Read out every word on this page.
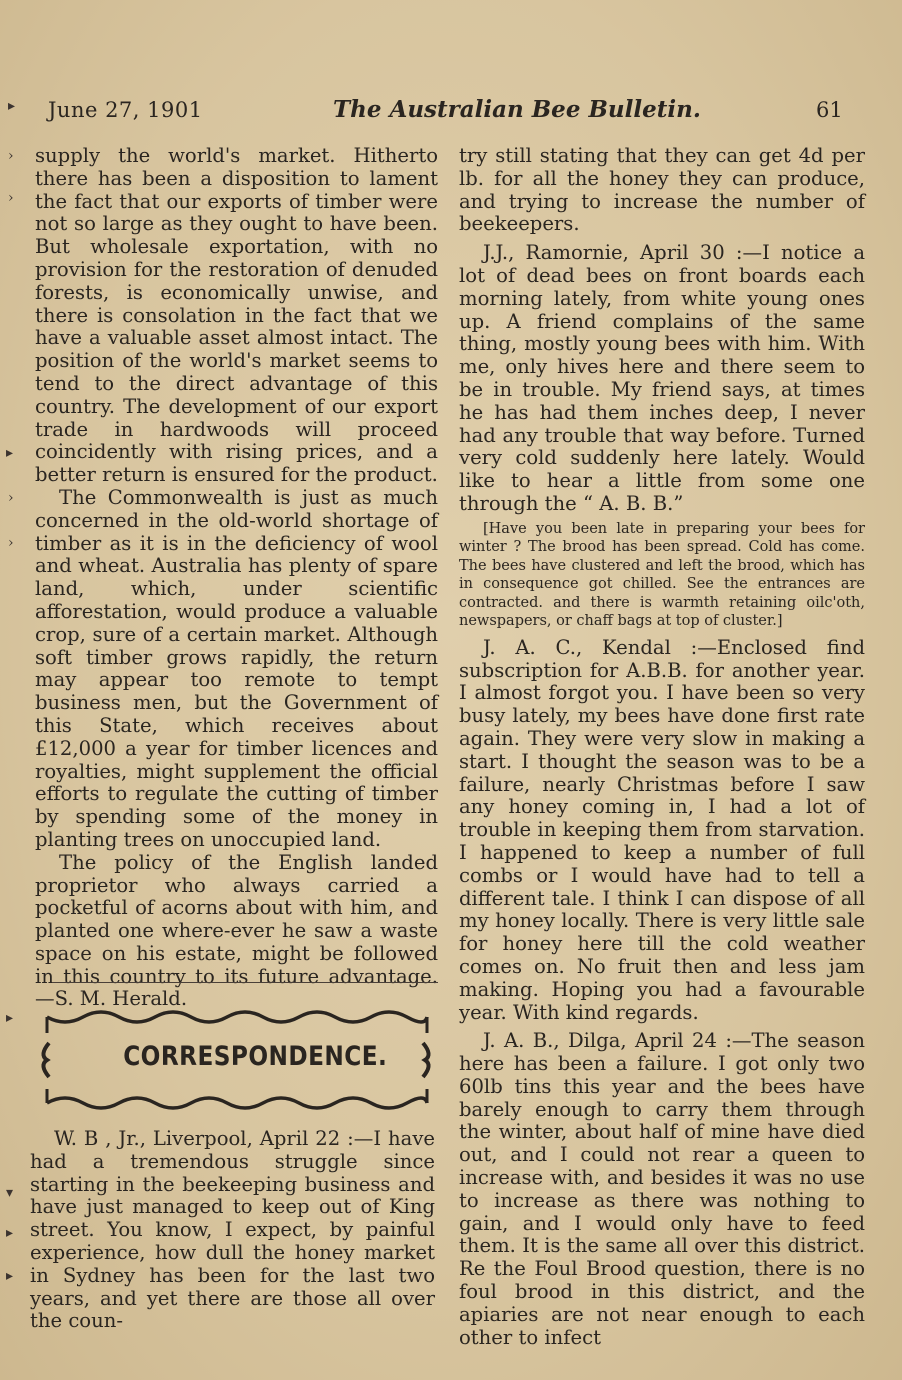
June 27, 1901	The Australian Bee Bulletin.	61

supply the world's market. Hitherto there has been a disposition to lament the fact that our exports of timber were not so large as they ought to have been. But wholesale exportation, with no provision for the restoration of denuded forests, is economically unwise, and there is consolation in the fact that we have a valuable asset almost intact. The position of the world's market seems to tend to the direct advantage of this country. The development of our export trade in hardwoods will proceed coincidently with rising prices, and a better return is ensured for the product.

The Commonwealth is just as much concerned in the old-world shortage of timber as it is in the deficiency of wool and wheat. Australia has plenty of spare land, which, under scientific afforestation, would produce a valuable crop, sure of a certain market. Although soft timber grows rapidly, the return may appear too remote to tempt business men, but the Government of this State, which receives about £12,000 a year for timber licences and royalties, might supplement the official efforts to regulate the cutting of timber by spending some of the money in planting trees on unoccupied land.

The policy of the English landed proprietor who always carried a pocketful of acorns about with him, and planted one where-ever he saw a waste space on his estate, might be followed in this country to its future advantage.—S. M. Herald.

CORRESPONDENCE.

W. B , Jr., Liverpool, April 22 :—I have had a tremendous struggle since starting in the beekeeping business and have just managed to keep out of King street. You know, I expect, by painful experience, how dull the honey market in Sydney has been for the last two years, and yet there are those all over the coun-

try still stating that they can get 4d per lb. for all the honey they can produce, and trying to increase the number of beekeepers.

J.J., Ramornie, April 30 :—I notice a lot of dead bees on front boards each morning lately, from white young ones up. A friend complains of the same thing, mostly young bees with him. With me, only hives here and there seem to be in trouble. My friend says, at times he has had them inches deep, I never had any trouble that way before. Turned very cold suddenly here lately. Would like to hear a little from some one through the “ A. B. B.”

[Have you been late in preparing your bees for winter ? The brood has been spread. Cold has come. The bees have clustered and left the brood, which has in consequence got chilled. See the entrances are contracted. and there is warmth retaining oilc'oth, newspapers, or chaff bags at top of cluster.]

J. A. C., Kendal :—Enclosed find subscription for A.B.B. for another year. I almost forgot you. I have been so very busy lately, my bees have done first rate again. They were very slow in making a start. I thought the season was to be a failure, nearly Christmas before I saw any honey coming in, I had a lot of trouble in keeping them from starvation. I happened to keep a number of full combs or I would have had to tell a different tale. I think I can dispose of all my honey locally. There is very little sale for honey here till the cold weather comes on. No fruit then and less jam making. Hoping you had a favourable year. With kind regards.

J. A. B., Dilga, April 24 :—The season here has been a failure. I got only two 60lb tins this year and the bees have barely enough to carry them through the winter, about half of mine have died out, and I could not rear a queen to increase with, and besides it was no use to increase as there was nothing to gain, and I would only have to feed them. It is the same all over this district. Re the Foul Brood question, there is no foul brood in this district, and the apiaries are not near enough to each other to infect

▸
›
›
▸
›
›
▸
▾
▸
▸
